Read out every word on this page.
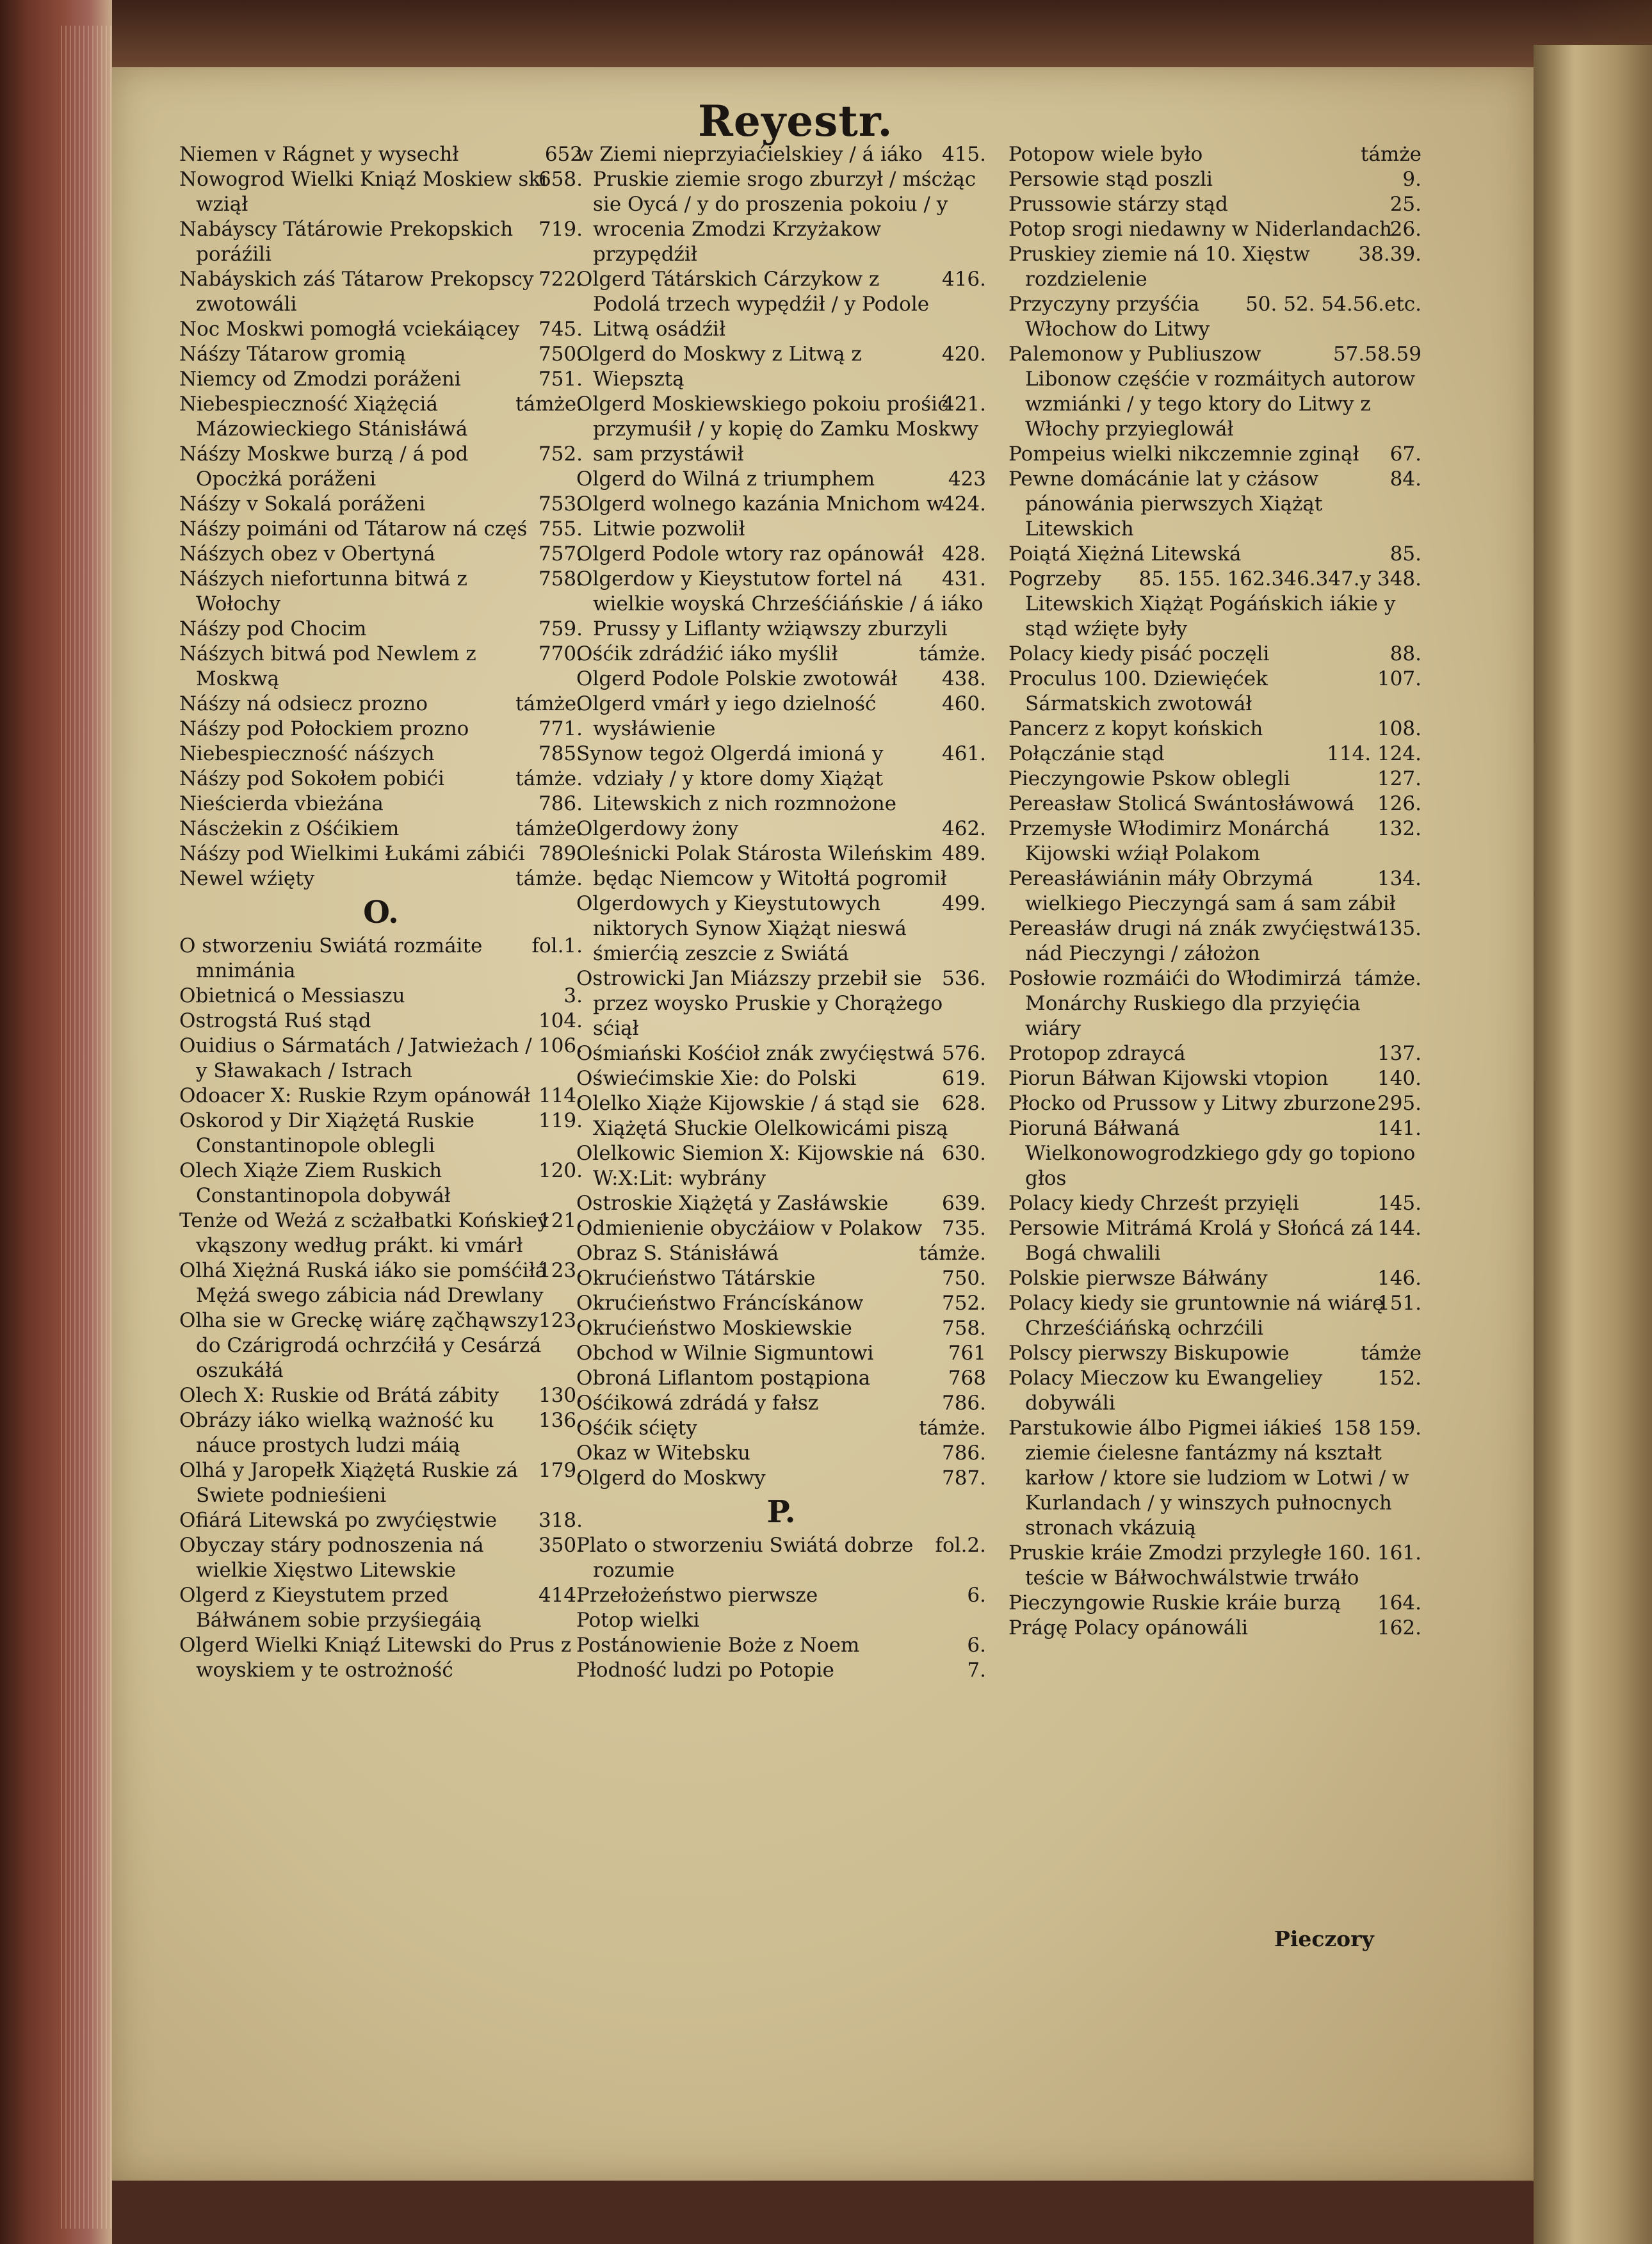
Reyestr.
652
Niemen v Rágnet y wysechł
658.
Nowogrod Wielki Kniąź Moskiew ski wziął
719.
Nabáyscy Tátárowie Prekopskich poráźili
722.
Nabáyskich záś Tátarow Prekopscy zwotowáli
745.
Noc Moskwi pomogłá vciekáiącey
750.
Náśzy Tátarow gromią
751.
Niemcy od Zmodzi poráženi
támże.
Niebespieczność Xiążęciá Mázowieckiego Stánisłáwá
752.
Náśzy Moskwe burzą / á pod Opocżká poráženi
753.
Náśzy v Sokalá poráženi
755.
Náśzy poimáni od Tátarow ná częś
757.
Náśzych obez v Obertyná
758.
Náśzych niefortunna bitwá z Wołochy
759.
Náśzy pod Chocim
770.
Náśzych bitwá pod Newlem z Moskwą
támże.
Náśzy ná odsiecz prozno
771.
Náśzy pod Połockiem prozno
785.
Niebespieczność náśzych
támże.
Náśzy pod Sokołem pobići
786.
Nieścierda vbieżána
támże.
Náscżekin z Ośćikiem
789.
Náśzy pod Wielkimi Łukámi zábići
támże.
Newel wźięty
O.
fol.1.
O stworzeniu Swiátá rozmáite mnimánia
3.
Obietnicá o Messiaszu
104.
Ostrogstá Ruś stąd
106.
Ouidius o Sármatách / Jatwieżach / y Sławakach / Istrach
114.
Odoacer X: Ruskie Rzym opánowáł
119.
Oskorod y Dir Xiążętá Ruskie Constantinopole oblegli
120.
Olech Xiąże Ziem Ruskich Constantinopola dobywáł
121.
Tenże od Weżá z scżałbatki Końskiey vkąszony według prákt. ki vmárł
123.
Olhá Xiężná Ruská iáko sie pomśćiłá Mężá swego zábicia nád Drewlany
123.
Olha sie w Greckę wiárę ząčhąwszy do Czárigrodá ochrzćiłá y Cesárzá oszukáłá
130.
Olech X: Ruskie od Brátá zábity
136.
Obrázy iáko wielką ważność ku náuce prostych ludzi máią
179.
Olhá y Jaropełk Xiążętá Ruskie zá Swiete podnieśieni
318.
Ofiárá Litewská po zwyćięstwie
350.
Obyczay stáry podnoszenia ná wielkie Xięstwo Litewskie
414.
Olgerd z Kieystutem przed Báłwánem sobie przyśiegáią
Olgerd Wielki Kniąź Litewski do Prus z woyskiem y te ostrożność
415.
w Ziemi nieprzyiaćielskiey / á iáko Pruskie ziemie srogo zburzył / mścżąc sie Oycá / y do proszenia pokoiu / y wrocenia Zmodzi Krzyżakow przypędźił
416.
Olgerd Tátárskich Cárzykow z Podolá trzech wypędźił / y Podole Litwą osádźił
420.
Olgerd do Moskwy z Litwą z Wiepsztą
421.
Olgerd Moskiewskiego pokoiu prośić przymuśił / y kopię do Zamku Moskwy sam przystáwił
423
Olgerd do Wilná z triumphem
424.
Olgerd wolnego kazánia Mnichom w Litwie pozwolił
428.
Olgerd Podole wtory raz opánowáł
431.
Olgerdow y Kieystutow fortel ná wielkie woyská Chrześćiáńskie / á iáko Prussy y Liflanty wżiąwszy zburzyli
támże.
Ośćik zdrádźić iáko myślił
438.
Olgerd Podole Polskie zwotowáł
460.
Olgerd vmárł y iego dzielność wysłáwienie
461.
Synow tegoż Olgerdá imioná y vdziały / y ktore domy Xiążąt Litewskich z nich rozmnożone
462.
Olgerdowy żony
489.
Oleśnicki Polak Stárosta Wileńskim będąc Niemcow y Witołtá pogromił
499.
Olgerdowych y Kieystutowych niktorych Synow Xiążąt nieswá śmierćią zeszcie z Swiátá
536.
Ostrowicki Jan Miázszy przebił sie przez woysko Pruskie y Chorążego sćiął
576.
Ośmiański Kośćioł znák zwyćięstwá
619.
Oświećimskie Xie: do Polski
628.
Olelko Xiąże Kijowskie / á stąd sie Xiążętá Słuckie Olelkowicámi piszą
630.
Olelkowic Siemion X: Kijowskie ná W:X:Lit: wybrány
639.
Ostroskie Xiążętá y Zasłáwskie
735.
Odmienienie obycżáiow v Polakow
támże.
Obraz S. Stánisłáwá
750.
Okrućieństwo Tátárskie
752.
Okrućieństwo Fráncískánow
758.
Okrućieństwo Moskiewskie
761
Obchod w Wilnie Sigmuntowi
768
Obroná Liflantom postąpiona
786.
Ośćikowá zdrádá y fałsz
támże.
Ośćik sćięty
786.
Okaz w Witebsku
787.
Olgerd do Moskwy
P.
fol.2.
Plato o stworzeniu Swiátá dobrze rozumie
6.
Przełożeństwo pierwsze
Potop wielki
6.
Postánowienie Boże z Noem
7.
Płodność ludzi po Potopie
támże
Potopow wiele było
9.
Persowie stąd poszli
25.
Prussowie stárzy stąd
26.
Potop srogi niedawny w Niderlandach
38.39.
Pruskiey ziemie ná 10. Xięstw rozdzielenie
50. 52. 54.56.etc.
Przyczyny przyśćia Włochow do Litwy
57.58.59
Palemonow y Publiuszow Libonow częśćie v rozmáitych autorow wzmiánki / y tego ktory do Litwy z Włochy przyieglowáł
67.
Pompeius wielki nikczemnie zginął
84.
Pewne domácánie lat y cżásow pánowánia pierwszych Xiążąt Litewskich
85.
Poiątá Xiężná Litewská
85. 155. 162.346.347.y 348.
Pogrzeby Litewskich Xiążąt Pogáńskich iákie y stąd wźięte były
88.
Polacy kiedy pisáć poczęli
107.
Proculus 100. Dziewięćek Sármatskich zwotowáł
108.
Pancerz z kopyt końskich
114. 124.
Połączánie stąd
127.
Pieczyngowie Pskow oblegli
126.
Pereasław Stolicá Swántosłáwowá
132.
Przemysłe Włodimirz Monárchá Kijowski wźiął Polakom
134.
Pereasłáwiánin máły Obrzymá wielkiego Pieczyngá sam á sam zábił
135.
Pereasłáw drugi ná znák zwyćięstwá nád Pieczyngi / záłożon
támże.
Posłowie rozmáići do Włodimirzá Monárchy Ruskiego dla przyięćia wiáry
137.
Protopop zdraycá
140.
Piorun Báłwan Kijowski vtopion
295.
Płocko od Prussow y Litwy zburzone
141.
Pioruná Báłwaná Wielkonowogrodzkiego gdy go topiono głos
145.
Polacy kiedy Chrześt przyięli
144.
Persowie Mitrámá Krolá y Słońcá zá Bogá chwalili
146.
Polskie pierwsze Báłwány
151.
Polacy kiedy sie gruntownie ná wiárę Chrześćiáńską ochrzćili
támże
Polscy pierwszy Biskupowie
152.
Polacy Mieczow ku Ewangeliey dobywáli
158 159.
Parstukowie álbo Pigmei iákieś ziemie ćielesne fantázmy ná kształt karłow / ktore sie ludziom w Lotwi / w Kurlandach / y winszych pułnocnych stronach vkázuią
160. 161.
Pruskie kráie Zmodzi przyległe teście w Báłwochwálstwie trwáło
164.
Pieczyngowie Ruskie kráie burzą
162.
Prágę Polacy opánowáli
Pieczory
